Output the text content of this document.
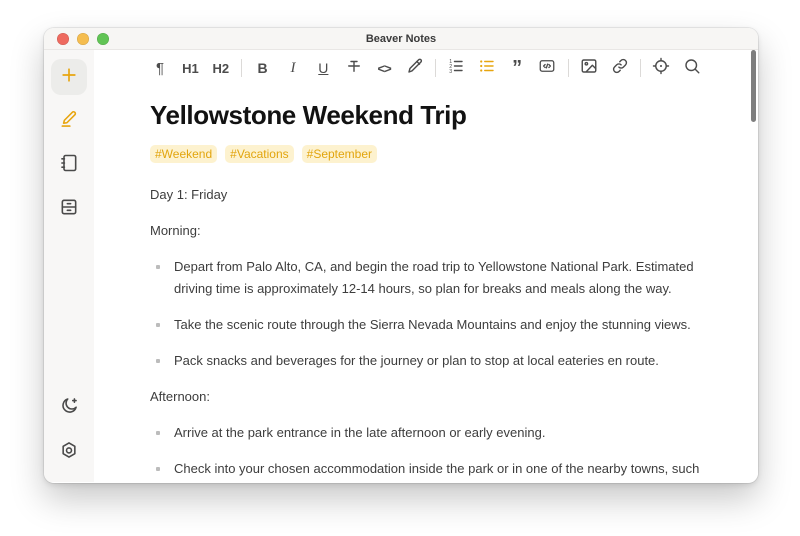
Beaver Notes
¶	H1 H2	B	I	U	<>	1
2
3	”
Yellowstone Weekend Trip
#Weekend	#Vacations	#September

Day 1: Friday

Morning:

Depart from Palo Alto, CA, and begin the road trip to Yellowstone National Park. Estimated driving time is approximately 12-14 hours, so plan for breaks and meals along the way.
Take the scenic route through the Sierra Nevada Mountains and enjoy the stunning views.
Pack snacks and beverages for the journey or plan to stop at local eateries en route.

Afternoon:

Arrive at the park entrance in the late afternoon or early evening.
Check into your chosen accommodation inside the park or in one of the nearby towns, such
